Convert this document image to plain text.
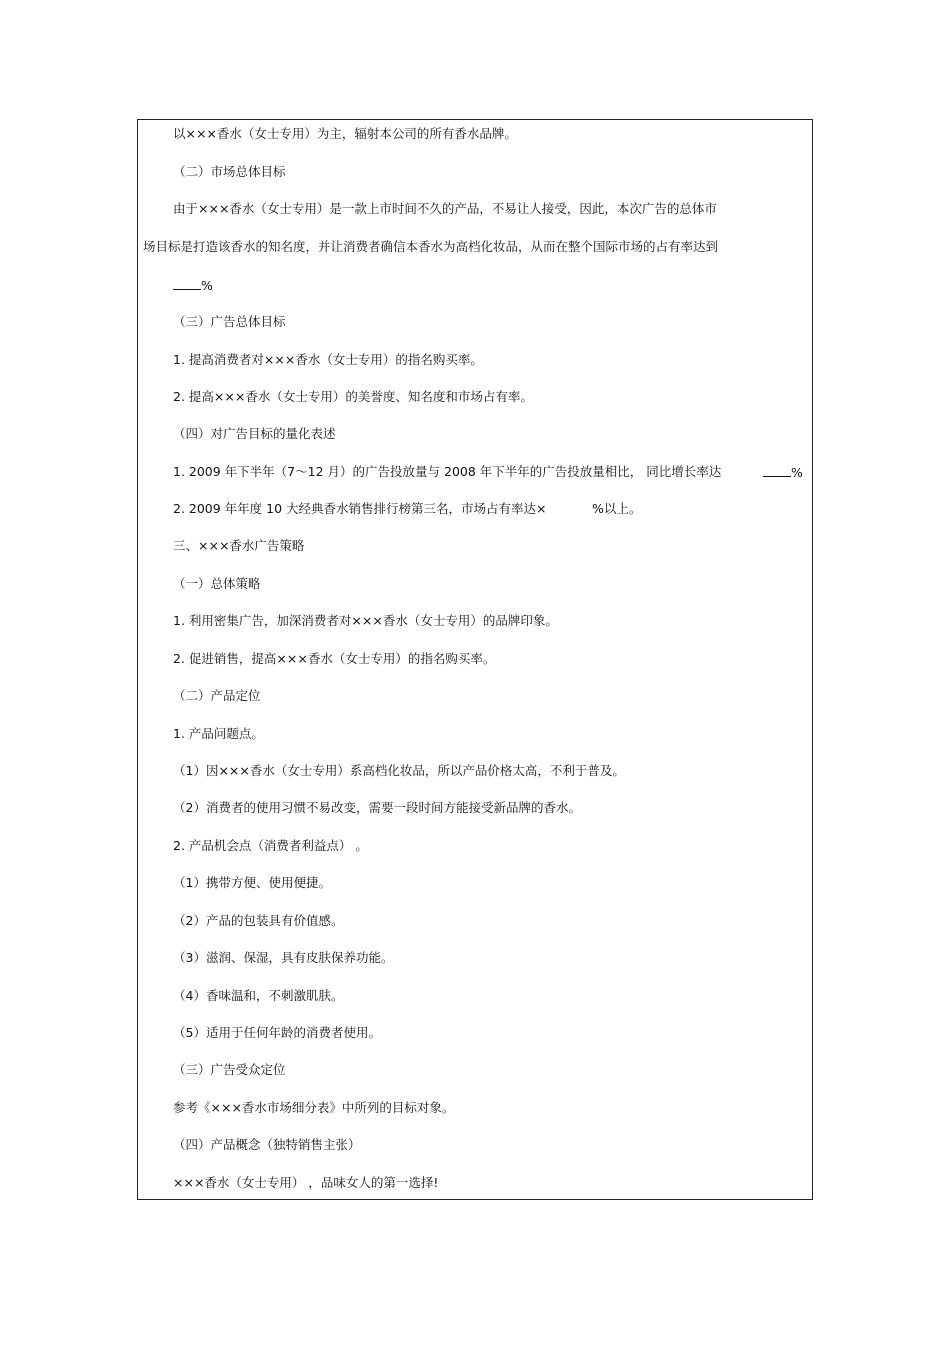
以×××香水（女士专用）为主，辐射本公司的所有香水品牌。
（二）市场总体目标
由于×××香水（女士专用）是一款上市时间不久的产品，不易让人接受，因此，本次广告的总体市
场目标是打造该香水的知名度，并让消费者确信本香水为高档化妆品，从而在整个国际市场的占有率达到
%
（三）广告总体目标
1. 提高消费者对×××香水（女士专用）的指名购买率。
2. 提高×××香水（女士专用）的美誉度、知名度和市场占有率。
（四）对广告目标的量化表述
1. 2009 年下半年（7～12 月）的广告投放量与 2008 年下半年的广告投放量相比， 同比增长率达	%
2. 2009 年年度 10 大经典香水销售排行榜第三名，市场占有率达×	%以上。
三、×××香水广告策略
（一）总体策略
1. 利用密集广告，加深消费者对×××香水（女士专用）的品牌印象。
2. 促进销售，提高×××香水（女士专用）的指名购买率。
（二）产品定位
1. 产品问题点。
（1）因×××香水（女士专用）系高档化妆品，所以产品价格太高，不利于普及。
（2）消费者的使用习惯不易改变，需要一段时间方能接受新品牌的香水。
2. 产品机会点（消费者利益点） 。
（1）携带方便、使用便捷。
（2）产品的包装具有价值感。
（3）滋润、保湿，具有皮肤保养功能。
（4）香味温和，不刺激肌肤。
（5）适用于任何年龄的消费者使用。
（三）广告受众定位
参考《×××香水市场细分表》中所列的目标对象。
（四）产品概念（独特销售主张）
×××香水（女士专用） ，品味女人的第一选择!
